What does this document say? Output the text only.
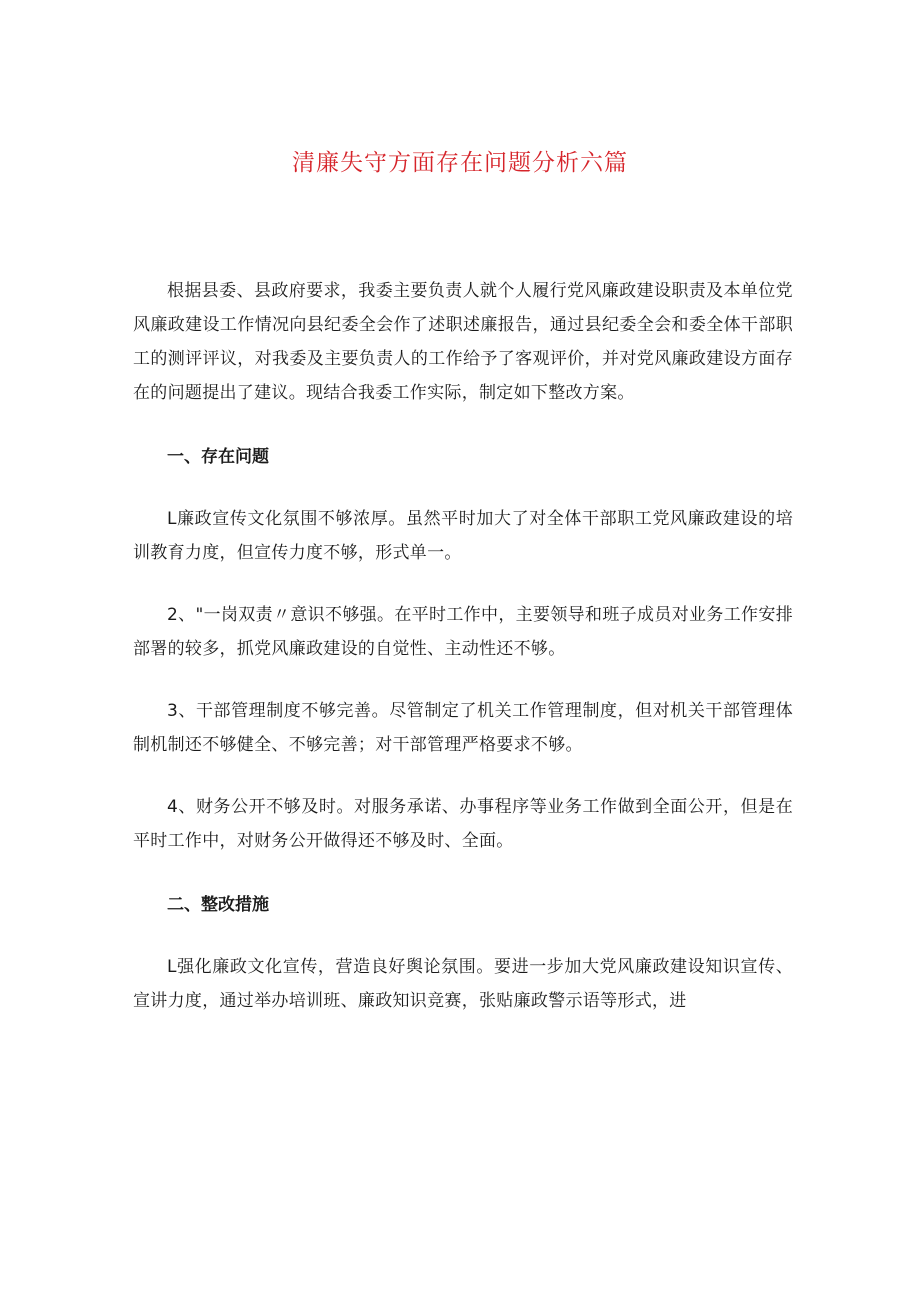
清廉失守方面存在问题分析六篇

根据县委、县政府要求，我委主要负责人就个人履行党风廉政建设职责及本单位党风廉政建设工作情况向县纪委全会作了述职述廉报告，通过县纪委全会和委全体干部职工的测评评议，对我委及主要负责人的工作给予了客观评价，并对党风廉政建设方面存在的问题提出了建议。现结合我委工作实际，制定如下整改方案。

一、存在问题

L廉政宣传文化氛围不够浓厚。虽然平时加大了对全体干部职工党风廉政建设的培训教育力度，但宣传力度不够，形式单一。

2、"一岗双责〃意识不够强。在平时工作中，主要领导和班子成员对业务工作安排部署的较多，抓党风廉政建设的自觉性、主动性还不够。

3、干部管理制度不够完善。尽管制定了机关工作管理制度，但对机关干部管理体制机制还不够健全、不够完善；对干部管理严格要求不够。

4、财务公开不够及时。对服务承诺、办事程序等业务工作做到全面公开，但是在平时工作中，对财务公开做得还不够及时、全面。

二、整改措施

L强化廉政文化宣传，营造良好舆论氛围。要进一步加大党风廉政建设知识宣传、宣讲力度，通过举办培训班、廉政知识竞赛，张贴廉政警示语等形式，进
